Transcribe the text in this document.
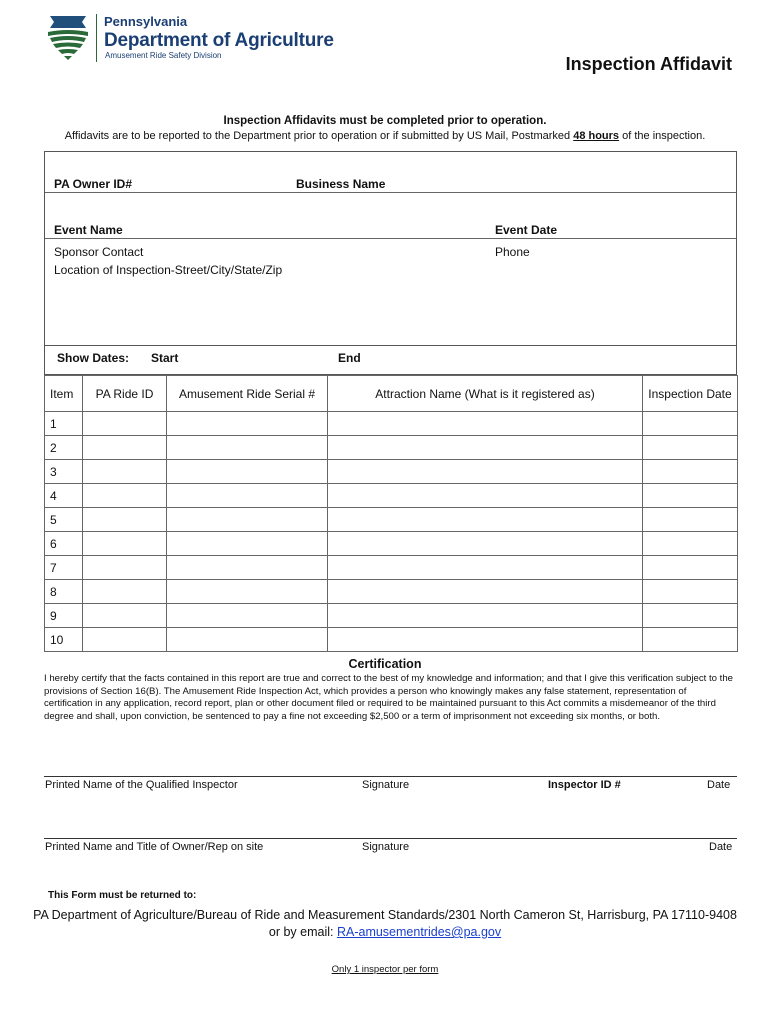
Pennsylvania
Department of Agriculture
Amusement Ride Safety Division	Inspection Affidavit
Inspection Affidavits must be completed prior to operation.
Affidavits are to be reported to the Department prior to operation or if submitted by US Mail, Postmarked 48 hours of the inspection.
PA Owner ID#	Business Name
Event Name	Event Date
Sponsor Contact	Phone
Location of Inspection-Street/City/State/Zip
Show Dates: Start	End
Item	PA Ride ID	Amusement Ride Serial #	Attraction Name (What is it registered as)	Inspection Date
1				
2				
3				
4				
5				
6				
7				
8				
9				
10				
Certification
I hereby certify that the facts contained in this report are true and correct to the best of my knowledge and information; and that I give this verification subject to the provisions of Section 16(B). The Amusement Ride Inspection Act, which provides a person who knowingly makes any false statement, representation of certification in any application, record report, plan or other document filed or required to be maintained pursuant to this Act commits a misdemeanor of the third degree and shall, upon conviction, be sentenced to pay a fine not exceeding $2,500 or a term of imprisonment not exceeding six months, or both.
Printed Name of the Qualified Inspector	Signature	Inspector ID #	Date
Printed Name and Title of Owner/Rep on site	Signature	Date
This Form must be returned to:
PA Department of Agriculture/Bureau of Ride and Measurement Standards/2301 North Cameron St, Harrisburg, PA 17110-9408
or by email: RA-amusementrides@pa.gov
Only 1 inspector per form
